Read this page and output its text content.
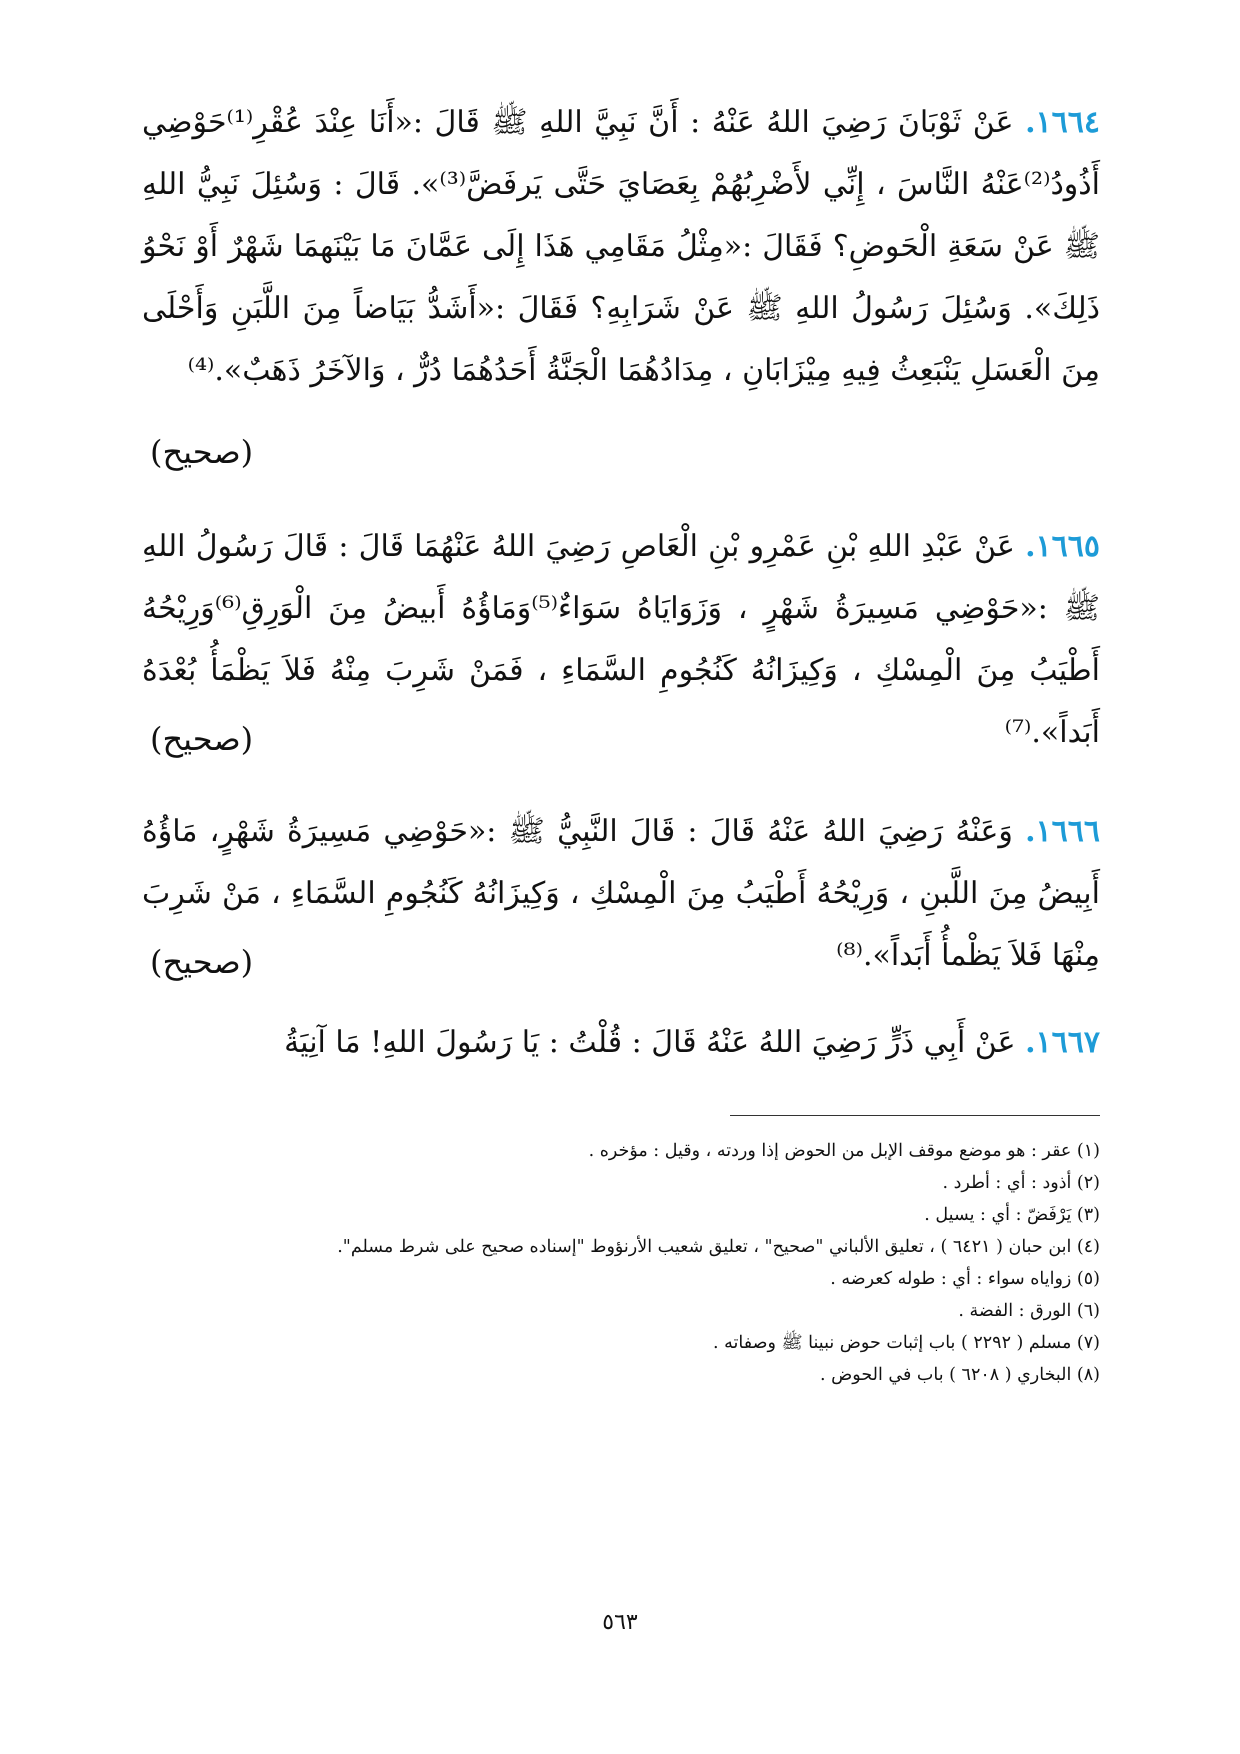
١٦٦٤. عَنْ ثَوْبَانَ رَضِيَ اللهُ عَنْهُ : أَنَّ نَبِيَّ اللهِ ﷺ قَالَ :«أَنَا عِنْدَ عُقْرِ⁽¹⁾حَوْضِي أَذُودُ⁽²⁾عَنْهُ النَّاسَ ، إِنِّي لأَضْرِبُهُمْ بِعَصَايَ حَتَّى يَرفَضَّ⁽³⁾». قَالَ : وَسُئِلَ نَبِيُّ اللهِ ﷺ عَنْ سَعَةِ الْحَوضِ؟ فَقَالَ :«مِثْلُ مَقَامِي هَذَا إِلَى عَمَّانَ مَا بَيْنَهمَا شَهْرٌ أَوْ نَحْوُ ذَلِكَ». وَسُئِلَ رَسُولُ اللهِ ﷺ عَنْ شَرَابِهِ؟ فَقَالَ :«أَشَدُّ بَيَاضاً مِنَ اللَّبَنِ وَأَحْلَى مِنَ الْعَسَلِ يَنْبَعِثُ فِيهِ مِيْزَابَانِ ، مِدَادُهُمَا الْجَنَّةُ أَحَدُهُمَا دُرٌّ ، وَالآخَرُ ذَهَبٌ».⁽⁴⁾

(صحيح)

١٦٦٥. عَنْ عَبْدِ اللهِ بْنِ عَمْرِو بْنِ الْعَاصِ رَضِيَ اللهُ عَنْهُمَا قَالَ : قَالَ رَسُولُ اللهِ ﷺ :«حَوْضِي مَسِيرَةُ شَهْرٍ ، وَزَوَايَاهُ سَوَاءٌ⁽⁵⁾وَمَاؤُهُ أَبيضُ مِنَ الْوَرِقِ⁽⁶⁾وَرِيْحُهُ أَطْيَبُ مِنَ الْمِسْكِ ، وَكِيزَانُهُ كَنُجُومِ السَّمَاءِ ، فَمَنْ شَرِبَ مِنْهُ فَلاَ يَظْمَأُ بُعْدَهُ أَبَداً».⁽⁷⁾

(صحيح)

١٦٦٦. وَعَنْهُ رَضِيَ اللهُ عَنْهُ قَالَ : قَالَ النَّبِيُّ ﷺ :«حَوْضِي مَسِيرَةُ شَهْرٍ، مَاؤُهُ أَبِيضُ مِنَ اللَّبنِ ، وَرِيْحُهُ أَطْيَبُ مِنَ الْمِسْكِ ، وَكِيزَانُهُ كَنُجُومِ السَّمَاءِ ، مَنْ شَرِبَ مِنْهَا فَلاَ يَظْمأُ أَبَداً».⁽⁸⁾

(صحيح)

١٦٦٧. عَنْ أَبِي ذَرٍّ رَضِيَ اللهُ عَنْهُ قَالَ : قُلْتُ : يَا رَسُولَ اللهِ! مَا آنِيَةُ

(١) عقر : هو موضع موقف الإبل من الحوض إذا وردته ، وقيل : مؤخره .
(٢) أذود : أي : أطرد .
(٣) يَرْفَضّ : أي : يسيل .
(٤) ابن حبان ( ٦٤٢١ ) ، تعليق الألباني "صحيح" ، تعليق شعيب الأرنؤوط "إسناده صحيح على شرط مسلم".
(٥) زواياه سواء : أي : طوله كعرضه .
(٦) الورق : الفضة .
(٧) مسلم ( ٢٢٩٢ ) باب إثبات حوض نبينا ﷺ وصفاته .
(٨) البخاري ( ٦٢٠٨ ) باب في الحوض .
٥٦٣
